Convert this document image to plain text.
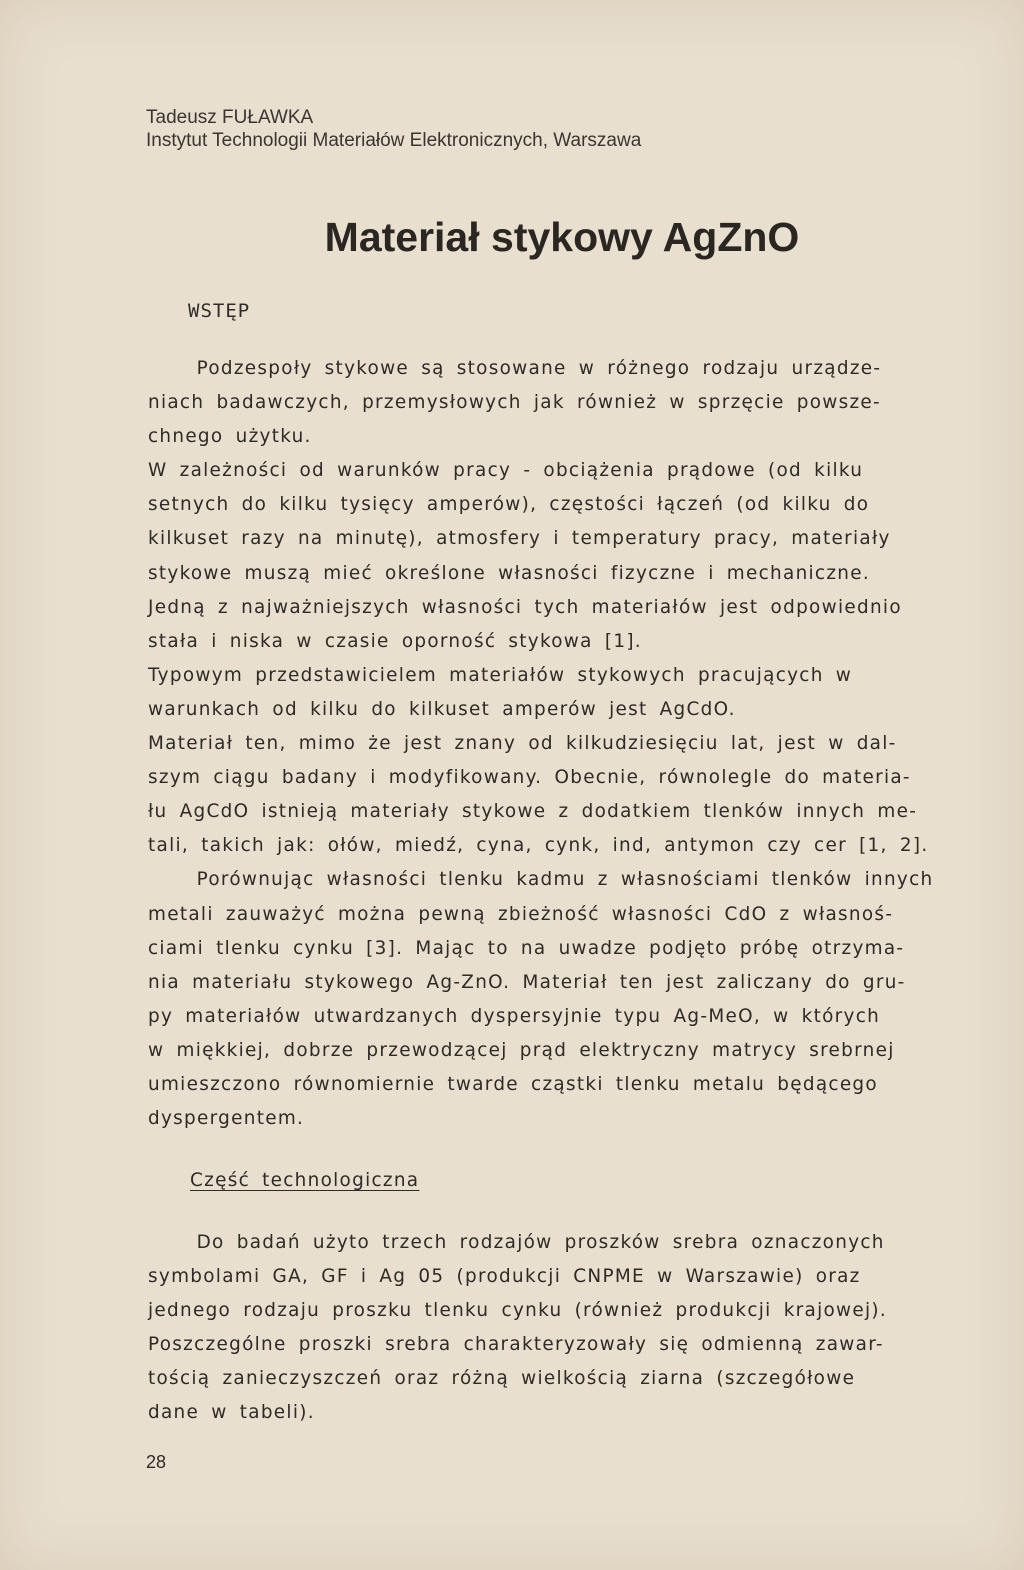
Tadeusz FUŁAWKA
Instytut Technologii Materiałów Elektronicznych, Warszawa
Materiał stykowy AgZnO
WSTĘP
Podzespoły stykowe są stosowane w różnego rodzaju urządze-
niach badawczych, przemysłowych jak również w sprzęcie powsze-
chnego użytku.
W zależności od warunków pracy - obciążenia prądowe (od kilku
setnych do kilku tysięcy amperów), częstości łączeń (od kilku do
kilkuset razy na minutę), atmosfery i temperatury pracy, materiały
stykowe muszą mieć określone własności fizyczne i mechaniczne.
Jedną z najważniejszych własności tych materiałów jest odpowiednio
stała i niska w czasie oporność stykowa [1].
Typowym przedstawicielem materiałów stykowych pracujących w
warunkach od kilku do kilkuset amperów jest AgCdO.
Materiał ten, mimo że jest znany od kilkudziesięciu lat, jest w dal-
szym ciągu badany i modyfikowany. Obecnie, równolegle do materia-
łu AgCdO istnieją materiały stykowe z dodatkiem tlenków innych me-
tali, takich jak: ołów, miedź, cyna, cynk, ind, antymon czy cer [1, 2].
Porównując własności tlenku kadmu z własnościami tlenków innych
metali zauważyć można pewną zbieżność własności CdO z własnoś-
ciami tlenku cynku [3]. Mając to na uwadze podjęto próbę otrzyma-
nia materiału stykowego Ag-ZnO. Materiał ten jest zaliczany do gru-
py materiałów utwardzanych dyspersyjnie typu Ag-MeO, w których
w miękkiej, dobrze przewodzącej prąd elektryczny matrycy srebrnej
umieszczono równomiernie twarde cząstki tlenku metalu będącego
dyspergentem.
Część technologiczna
Do badań użyto trzech rodzajów proszków srebra oznaczonych
symbolami GA, GF i Ag 05 (produkcji CNPME w Warszawie) oraz
jednego rodzaju proszku tlenku cynku (również produkcji krajowej).
Poszczególne proszki srebra charakteryzowały się odmienną zawar-
tością zanieczyszczeń oraz różną wielkością ziarna (szczegółowe
dane w tabeli).
28
